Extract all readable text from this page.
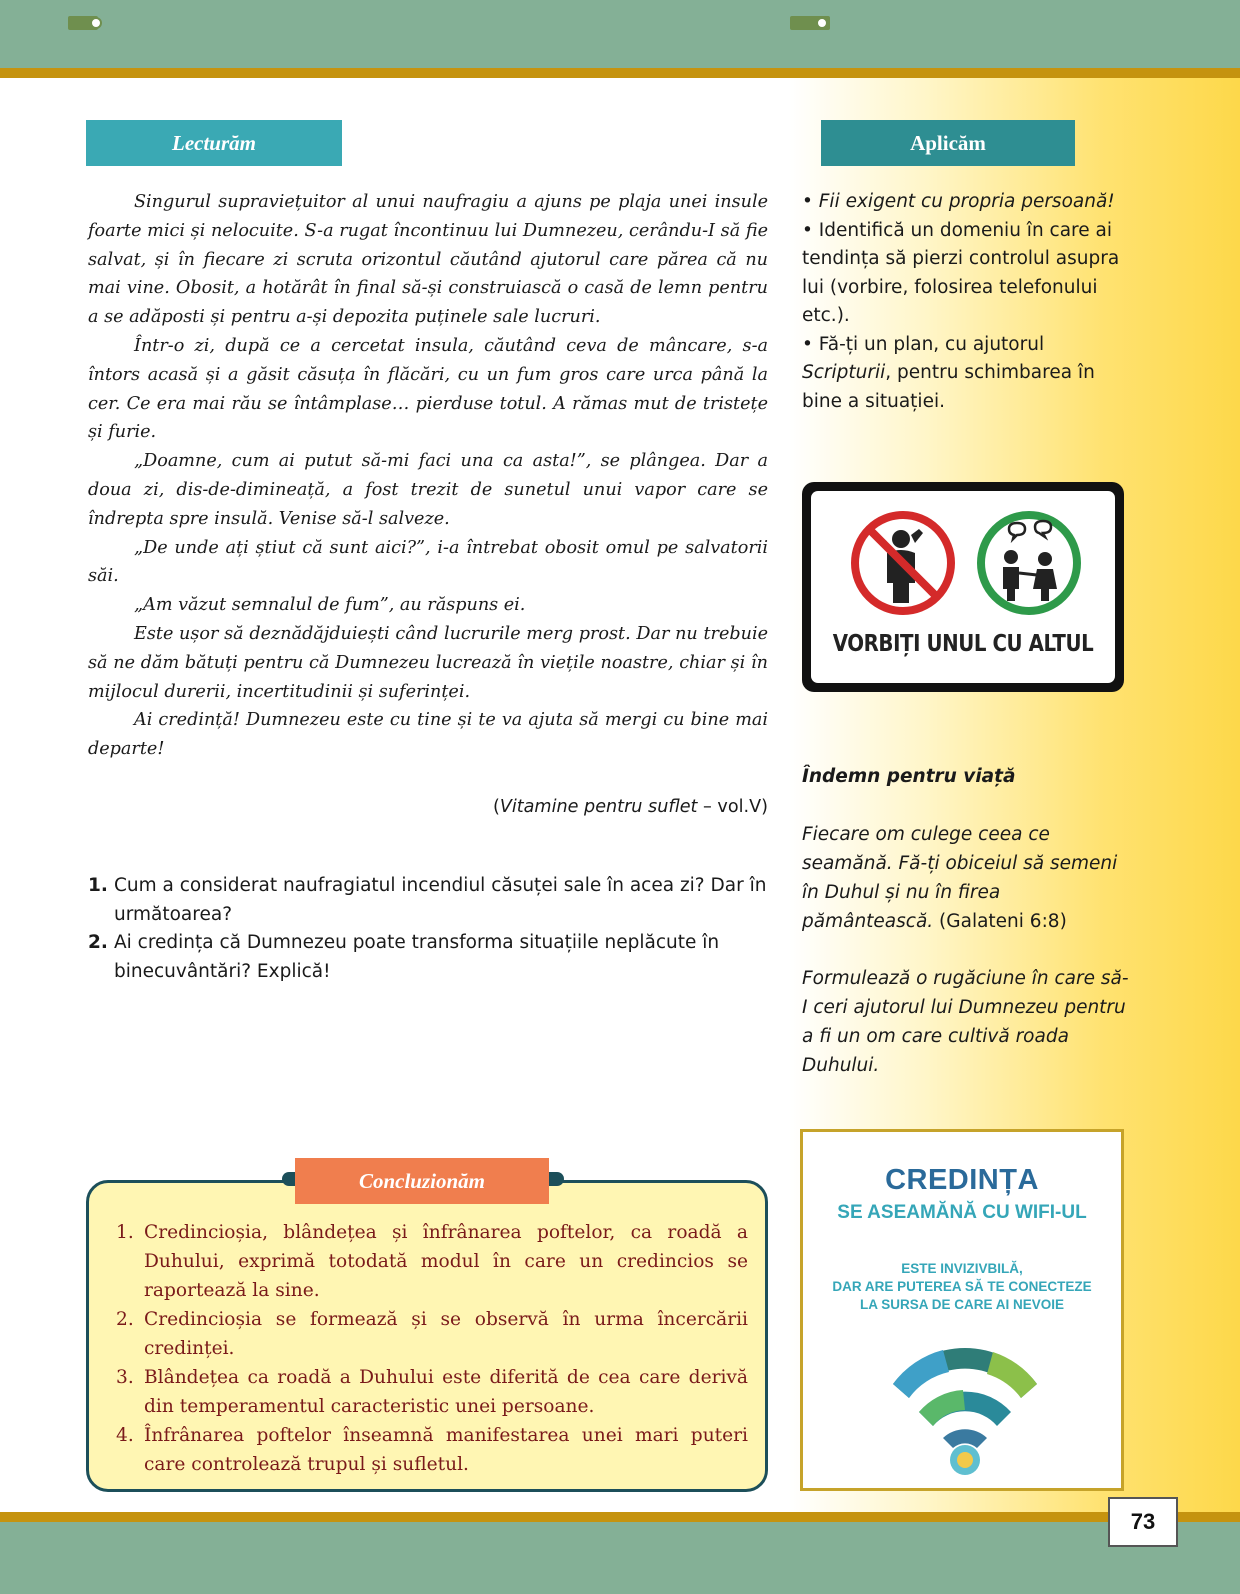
Lecturăm	Aplicăm

Singurul supraviețuitor al unui naufragiu a ajuns pe plaja unei insule foarte mici și nelocuite. S-a rugat încontinuu lui Dumnezeu, cerându-I să fie salvat, și în fiecare zi scruta orizontul căutând ajutorul care părea că nu mai vine. Obosit, a hotărât în final să-și construiască o casă de lemn pentru a se adăposti și pentru a-și depozita puținele sale lucruri.

Într-o zi, după ce a cercetat insula, căutând ceva de mâncare, s-a întors acasă și a găsit căsuța în flăcări, cu un fum gros care urca până la cer. Ce era mai rău se întâmplase… pierduse totul. A rămas mut de tristețe și furie.

„Doamne, cum ai putut să-mi faci una ca asta!”, se plângea. Dar a doua zi, dis-de-dimineață, a fost trezit de sunetul unui vapor care se îndrepta spre insulă. Venise să-l salveze.

„De unde ați știut că sunt aici?”, i-a întrebat obosit omul pe salvatorii săi.

„Am văzut semnalul de fum”, au răspuns ei.

Este ușor să deznădăjduiești când lucrurile merg prost. Dar nu trebuie să ne dăm bătuți pentru că Dumnezeu lucrează în viețile noastre, chiar și în mijlocul durerii, incertitudinii și suferinței.

Ai credință! Dumnezeu este cu tine și te va ajuta să mergi cu bine mai departe!

(Vitamine pentru suflet – vol.V)
1. Cum a considerat naufragiatul incendiul căsuței sale în acea zi? Dar în următoarea?
2. Ai credința că Dumnezeu poate transforma situațiile neplăcute în binecuvântări? Explică!
• Fii exigent cu propria persoană!
• Identifică un domeniu în care ai tendința să pierzi controlul asupra lui (vorbire, folosirea telefonului etc.).
• Fă-ți un plan, cu ajutorul Scripturii, pentru schimbarea în bine a situației.
VORBIȚI UNUL CU ALTUL
Îndemn pentru viață
Fiecare om culege ceea ce seamănă. Fă-ți obiceiul să semeni în Duhul și nu în firea pământească. (Galateni 6:8)
Formulează o rugăciune în care să-I ceri ajutorul lui Dumnezeu pentru a fi un om care cultivă roada Duhului.
CREDINȚA
SE ASEAMĂNĂ CU WIFI-UL
ESTE INVIZIVBILĂ,
DAR ARE PUTEREA SĂ TE CONECTEZE
LA SURSA DE CARE AI NEVOIE
Concluzionăm
1. Credincioșia, blândețea și înfrânarea poftelor, ca roadă a Duhului, exprimă totodată modul în care un credincios se raportează la sine.
2. Credincioșia se formează și se observă în urma încercării credinței.
3. Blândețea ca roadă a Duhului este diferită de cea care derivă din temperamentul caracteristic unei persoane.
4. Înfrânarea poftelor înseamnă manifestarea unei mari puteri care controlează trupul și sufletul.
73
